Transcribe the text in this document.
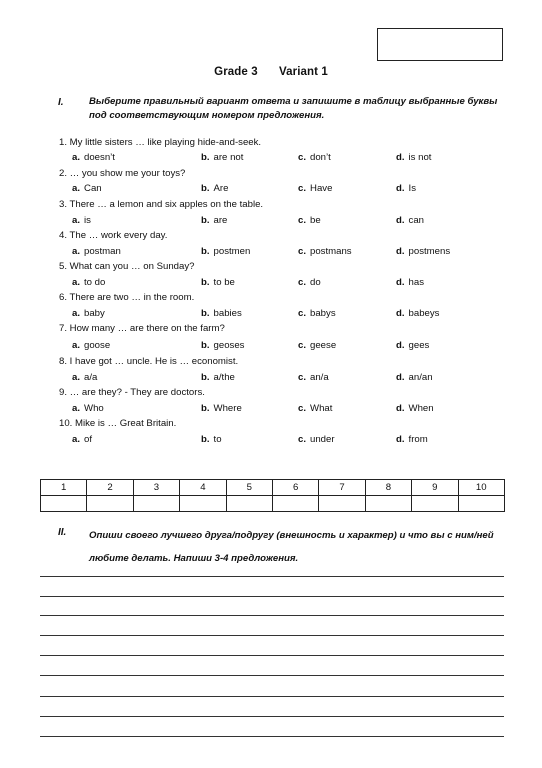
Grade 3 Variant 1
I.	Выберите правильный вариант ответа и запишите в таблицу выбранные буквы под соответствующим номером предложения.
1. My little sisters … like playing hide-and-seek.
a. doesn’t	b. are not	c. don’t	d. is not
2. … you show me your toys?
a. Can	b. Are	c. Have	d. Is
3. There … a lemon and six apples on the table.
a. is	b. are	c. be	d. can
4. The … work every day.
a. postman	b. postmen	c. postmans	d. postmens
5. What can you … on Sunday?
a. to do	b. to be	c. do	d. has
6. There are two … in the room.
a. baby	b. babies	c. babys	d. babeys
7. How many … are there on the farm?
a. goose	b. geoses	c. geese	d. gees
8. I have got … uncle. He is … economist.
a. a/a	b. a/the	c. an/a	d. an/an
9. … are they? - They are doctors.
a. Who	b. Where	c. What	d. When
10. Mike is … Great Britain.
a. of	b. to	c. under	d. from
1	2	3	4	5	6	7	8	9	10

II. Опиши своего лучшего друга/подругу (внешность и характер) и что вы с ним/ней
любите делать. Напиши 3-4 предложения.
